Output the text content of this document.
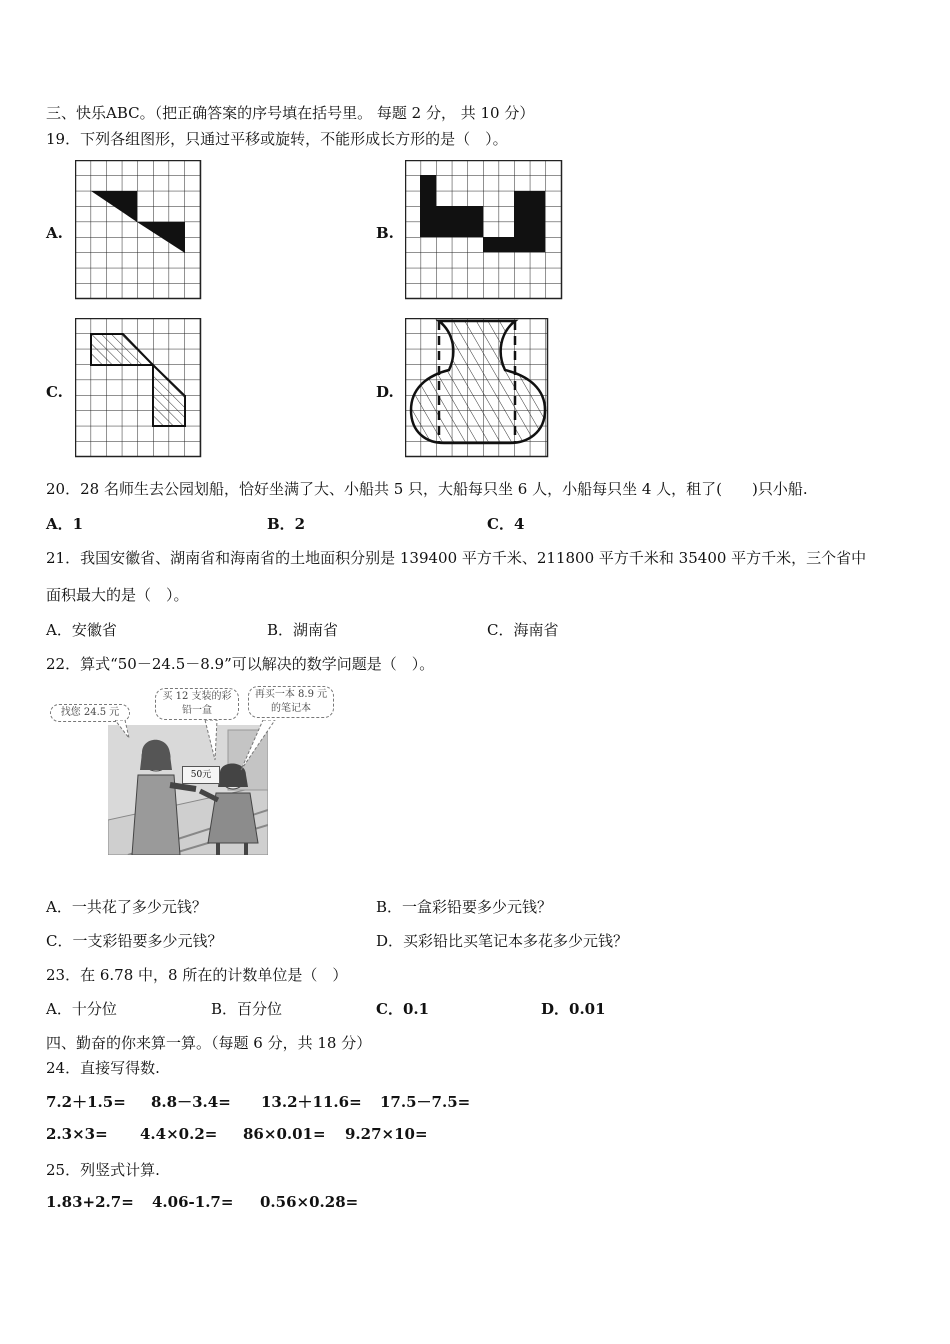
三、快乐ABC。（把正确答案的序号填在括号里。 每题 2 分， 共 10 分）
19．下列各组图形，只通过平移或旋转，不能形成长方形的是（　）。
A.	B.
C.	D.
20．28 名师生去公园划船，恰好坐满了大、小船共 5 只，大船每只坐 6 人，小船每只坐 4 人，租了(　　)只小船.
A．1	B．2	C．4
21．我国安徽省、湖南省和海南省的土地面积分别是 139400 平方千米、211800 平方千米和 35400 平方千米，三个省中
面积最大的是（　）。
A．安徽省	B．湖南省	C．海南省
22．算式“50－24.5－8.9”可以解决的数学问题是（　）。
50元
找您 24.5 元
买 12 支装的彩铅一盒
再买一本 8.9 元的笔记本
A．一共花了多少元钱？	B．一盒彩铅要多少元钱？
C．一支彩铅要多少元钱？	D．买彩铅比买笔记本多花多少元钱？
23．在 6.78 中，8 所在的计数单位是（　）
A．十分位	B．百分位	C．0.1	D．0.01
四、勤奋的你来算一算。（每题 6 分，共 18 分）
24．直接写得数.
7.2＋1.5= 8.8－3.4= 13.2＋11.6= 17.5－7.5=
2.3×3= 4.4×0.2= 86×0.01= 9.27×10=
25．列竖式计算.
1.83+2.7= 4.06-1.7= 0.56×0.28=
